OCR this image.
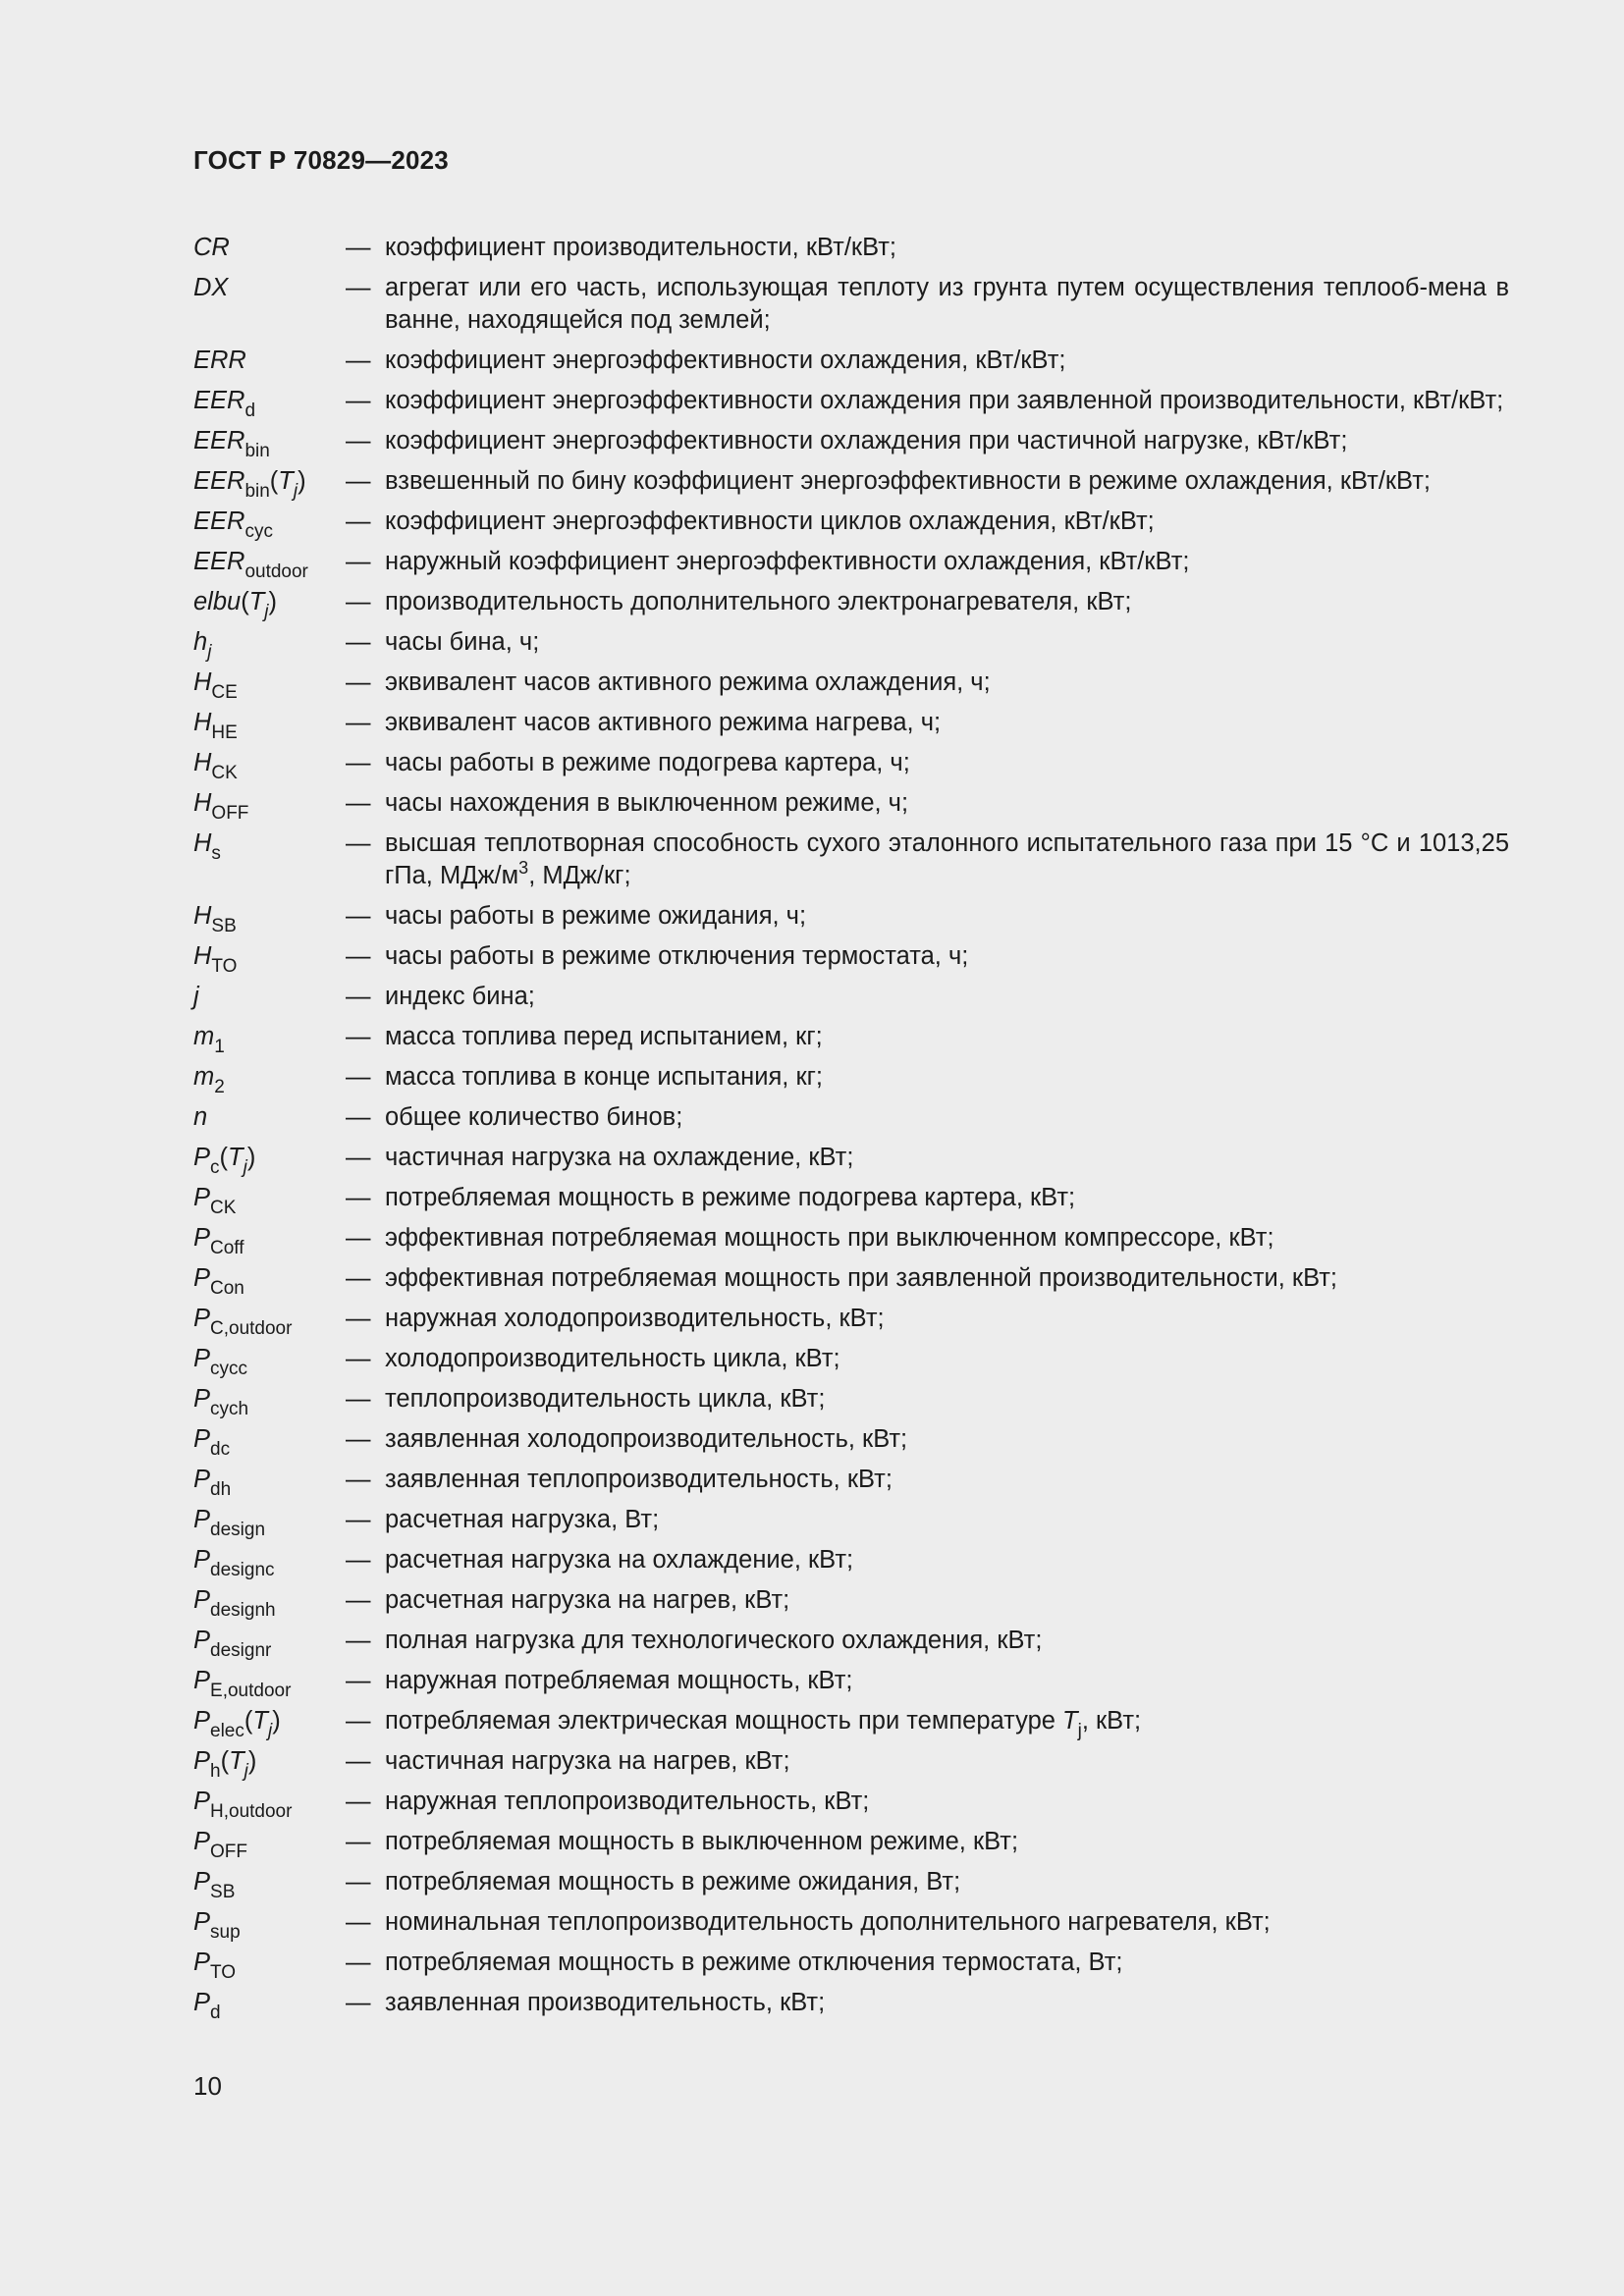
ГОСТ Р 70829—2023
CR	— коэффициент производительности, кВт/кВт;
DX	— агрегат или его часть, использующая теплоту из грунта путем осуществления теплооб-мена в ванне, находящейся под землей;
ERR	— коэффициент энергоэффективности охлаждения, кВт/кВт;
$EER_d$	— коэффициент энергоэффективности охлаждения при заявленной производительности, кВт/кВт;
$EER_{bin}$	— коэффициент энергоэффективности охлаждения при частичной нагрузке, кВт/кВт;
$EER_{bin}(T_j)$	— взвешенный по бину коэффициент энергоэффективности в режиме охлаждения, кВт/кВт;
$EER_{cyc}$	— коэффициент энергоэффективности циклов охлаждения, кВт/кВт;
$EER_{outdoor}$	— наружный коэффициент энергоэффективности охлаждения, кВт/кВт;
$elbu(T_j)$	— производительность дополнительного электронагревателя, кВт;
$h_j$	— часы бина, ч;
$H_{CE}$	— эквивалент часов активного режима охлаждения, ч;
$H_{HE}$	— эквивалент часов активного режима нагрева, ч;
$H_{CK}$	— часы работы в режиме подогрева картера, ч;
$H_{OFF}$	— часы нахождения в выключенном режиме, ч;
$H_s$	— высшая теплотворная способность сухого эталонного испытательного газа при 15 °С и 1013,25 гПа, МДж/$м^3$, МДж/кг;
$H_{SB}$	— часы работы в режиме ожидания, ч;
$H_{TO}$	— часы работы в режиме отключения термостата, ч;
j	— индекс бина;
$m_1$	— масса топлива перед испытанием, кг;
$m_2$	— масса топлива в конце испытания, кг;
n	— общее количество бинов;
$P_c(T_j)$	— частичная нагрузка на охлаждение, кВт;
$P_{CK}$	— потребляемая мощность в режиме подогрева картера, кВт;
$P_{Coff}$	— эффективная потребляемая мощность при выключенном компрессоре, кВт;
$P_{Con}$	— эффективная потребляемая мощность при заявленной производительности, кВт;
$P_{C,outdoor}$	— наружная холодопроизводительность, кВт;
$P_{cycc}$	— холодопроизводительность цикла, кВт;
$P_{cych}$	— теплопроизводительность цикла, кВт;
$P_{dc}$	— заявленная холодопроизводительность, кВт;
$P_{dh}$	— заявленная теплопроизводительность, кВт;
$P_{design}$	— расчетная нагрузка, Вт;
$P_{designc}$	— расчетная нагрузка на охлаждение, кВт;
$P_{designh}$	— расчетная нагрузка на нагрев, кВт;
$P_{designr}$	— полная нагрузка для технологического охлаждения, кВт;
$P_{E,outdoor}$	— наружная потребляемая мощность, кВт;
$P_{elec}(T_j)$	— потребляемая электрическая мощность при температуре $T_j$, кВт;
$P_h(T_j)$	— частичная нагрузка на нагрев, кВт;
$P_{H,outdoor}$	— наружная теплопроизводительность, кВт;
$P_{OFF}$	— потребляемая мощность в выключенном режиме, кВт;
$P_{SB}$	— потребляемая мощность в режиме ожидания, Вт;
$P_{sup}$	— номинальная теплопроизводительность дополнительного нагревателя, кВт;
$P_{TO}$	— потребляемая мощность в режиме отключения термостата, Вт;
$P_d$	— заявленная производительность, кВт;
10
